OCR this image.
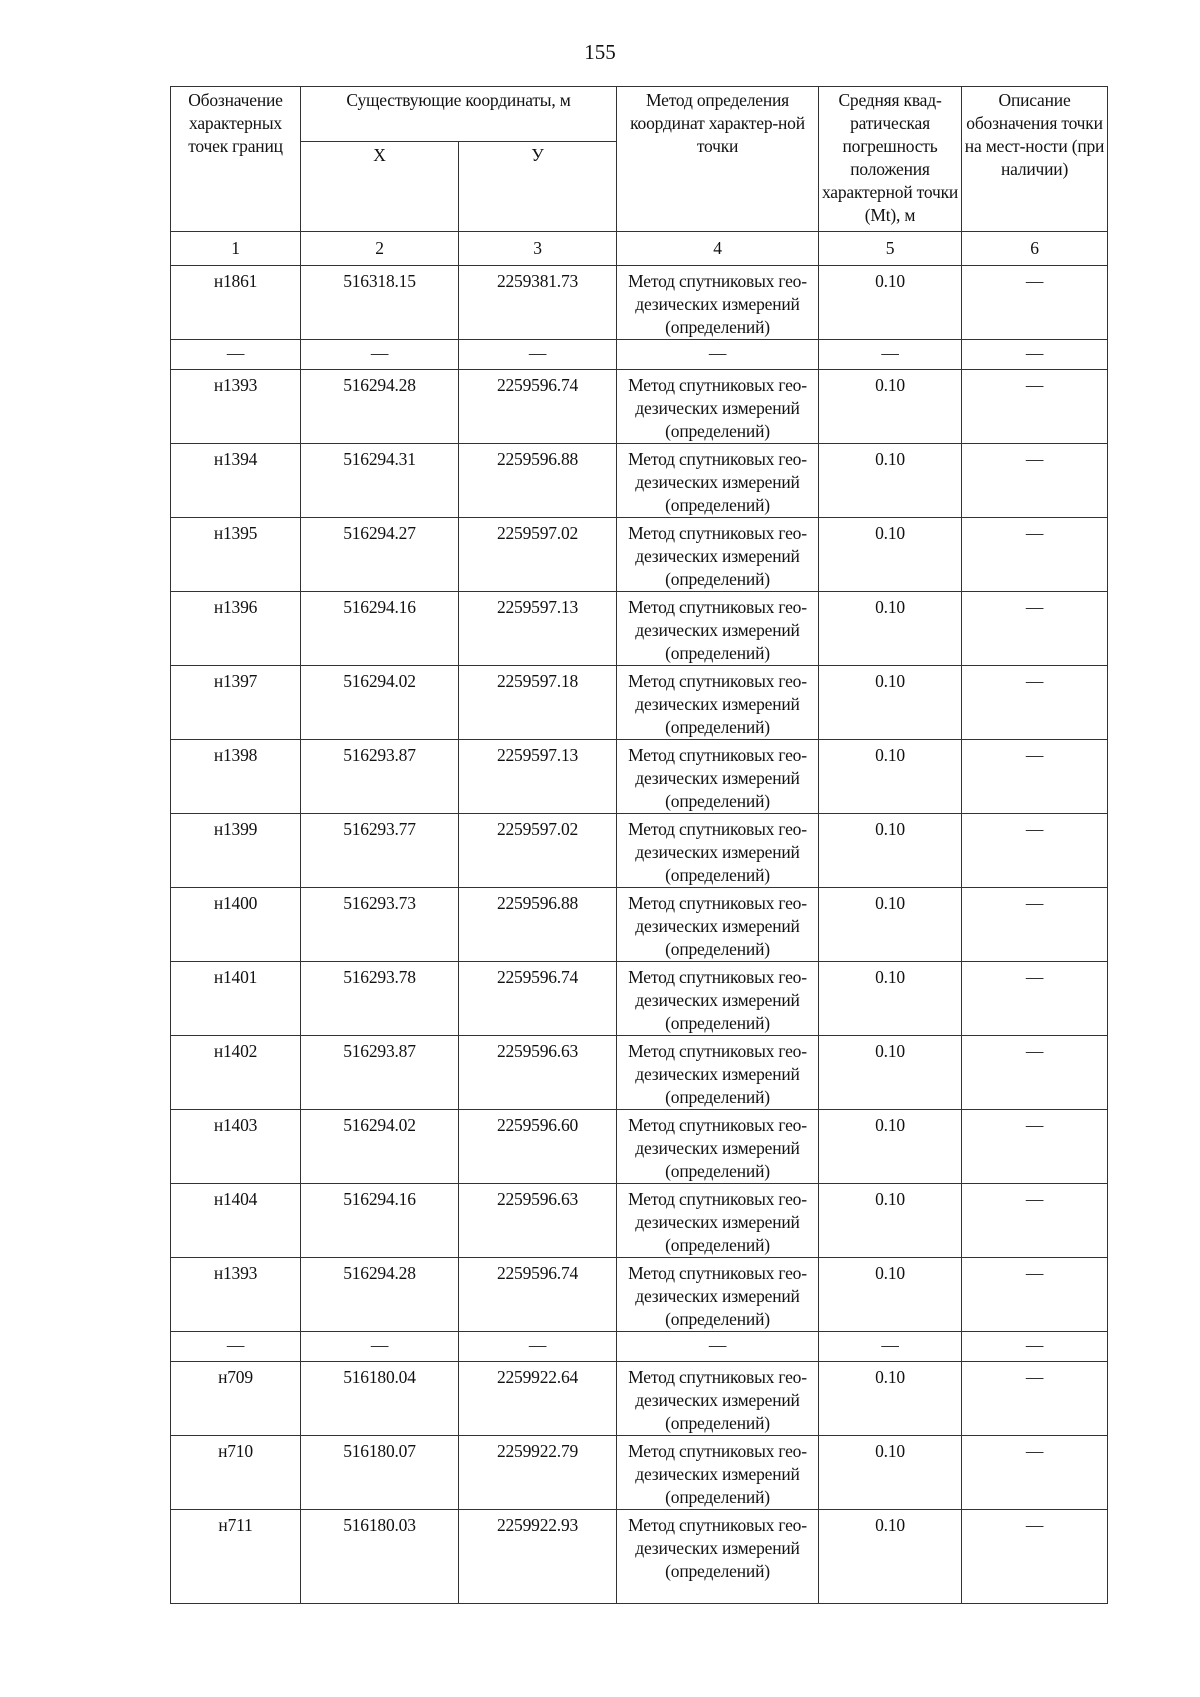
155
Обозначение характерных точек границ	Существующие координаты, м		Метод определения координат характер-ной точки	Средняя квад-ратическая погрешность положения характерной точки (Mt), м	Описание обозначения точки на мест-ности (при наличии)
	Х	У			
1	2	3	4	5	6
н1861	516318.15	2259381.73	Метод спутниковых гео-дезических измерений (определений)	0.10	—
—	—	—	—	—	—
н1393	516294.28	2259596.74	Метод спутниковых гео-дезических измерений (определений)	0.10	—
н1394	516294.31	2259596.88	Метод спутниковых гео-дезических измерений (определений)	0.10	—
н1395	516294.27	2259597.02	Метод спутниковых гео-дезических измерений (определений)	0.10	—
н1396	516294.16	2259597.13	Метод спутниковых гео-дезических измерений (определений)	0.10	—
н1397	516294.02	2259597.18	Метод спутниковых гео-дезических измерений (определений)	0.10	—
н1398	516293.87	2259597.13	Метод спутниковых гео-дезических измерений (определений)	0.10	—
н1399	516293.77	2259597.02	Метод спутниковых гео-дезических измерений (определений)	0.10	—
н1400	516293.73	2259596.88	Метод спутниковых гео-дезических измерений (определений)	0.10	—
н1401	516293.78	2259596.74	Метод спутниковых гео-дезических измерений (определений)	0.10	—
н1402	516293.87	2259596.63	Метод спутниковых гео-дезических измерений (определений)	0.10	—
н1403	516294.02	2259596.60	Метод спутниковых гео-дезических измерений (определений)	0.10	—
н1404	516294.16	2259596.63	Метод спутниковых гео-дезических измерений (определений)	0.10	—
н1393	516294.28	2259596.74	Метод спутниковых гео-дезических измерений (определений)	0.10	—
—	—	—	—	—	—
н709	516180.04	2259922.64	Метод спутниковых гео-дезических измерений (определений)	0.10	—
н710	516180.07	2259922.79	Метод спутниковых гео-дезических измерений (определений)	0.10	—
н711	516180.03	2259922.93	Метод спутниковых гео-дезических измерений (определений)	0.10	—
